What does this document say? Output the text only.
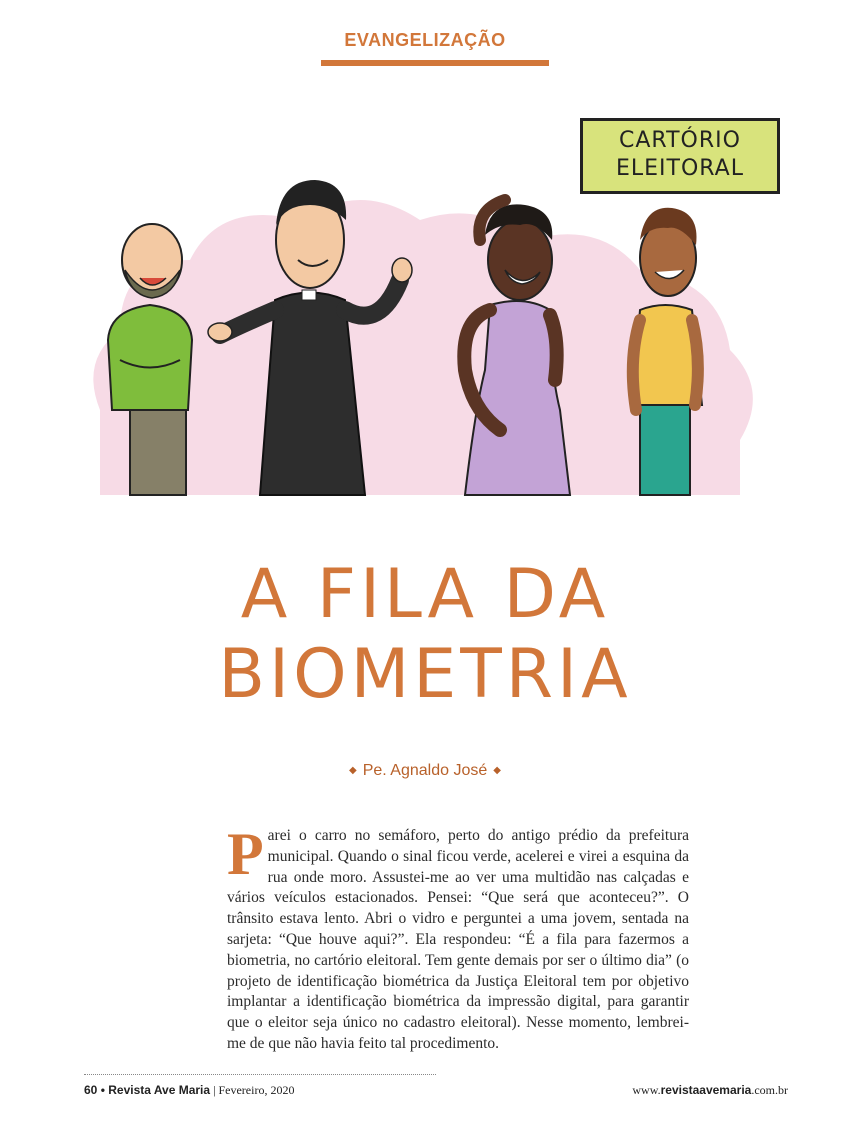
EVANGELIZAÇÃO
CARTÓRIO
ELEITORAL
A FILA DA
BIOMETRIA
◆ Pe. Agnaldo José ◆
Parei o carro no semáforo, perto do antigo prédio da prefeitura municipal. Quando o sinal ficou verde, acelerei e virei a esquina da rua onde moro. Assustei-me ao ver uma multidão nas calçadas e vários veículos estacionados. Pensei: “Que será que aconteceu?”. O trânsito estava lento. Abri o vidro e perguntei a uma jovem, sentada na sarjeta: “Que houve aqui?”. Ela respondeu: “É a fila para fazermos a biometria, no cartório eleitoral. Tem gente demais por ser o último dia” (o projeto de identificação biométrica da Justiça Eleitoral tem por objetivo implantar a identificação biométrica da impressão digital, para garantir que o eleitor seja único no cadastro eleitoral). Nesse momento, lembrei-me de que não havia feito tal procedimento.
60 • Revista Ave Maria | Fevereiro, 2020	www.revistaavemaria.com.br
